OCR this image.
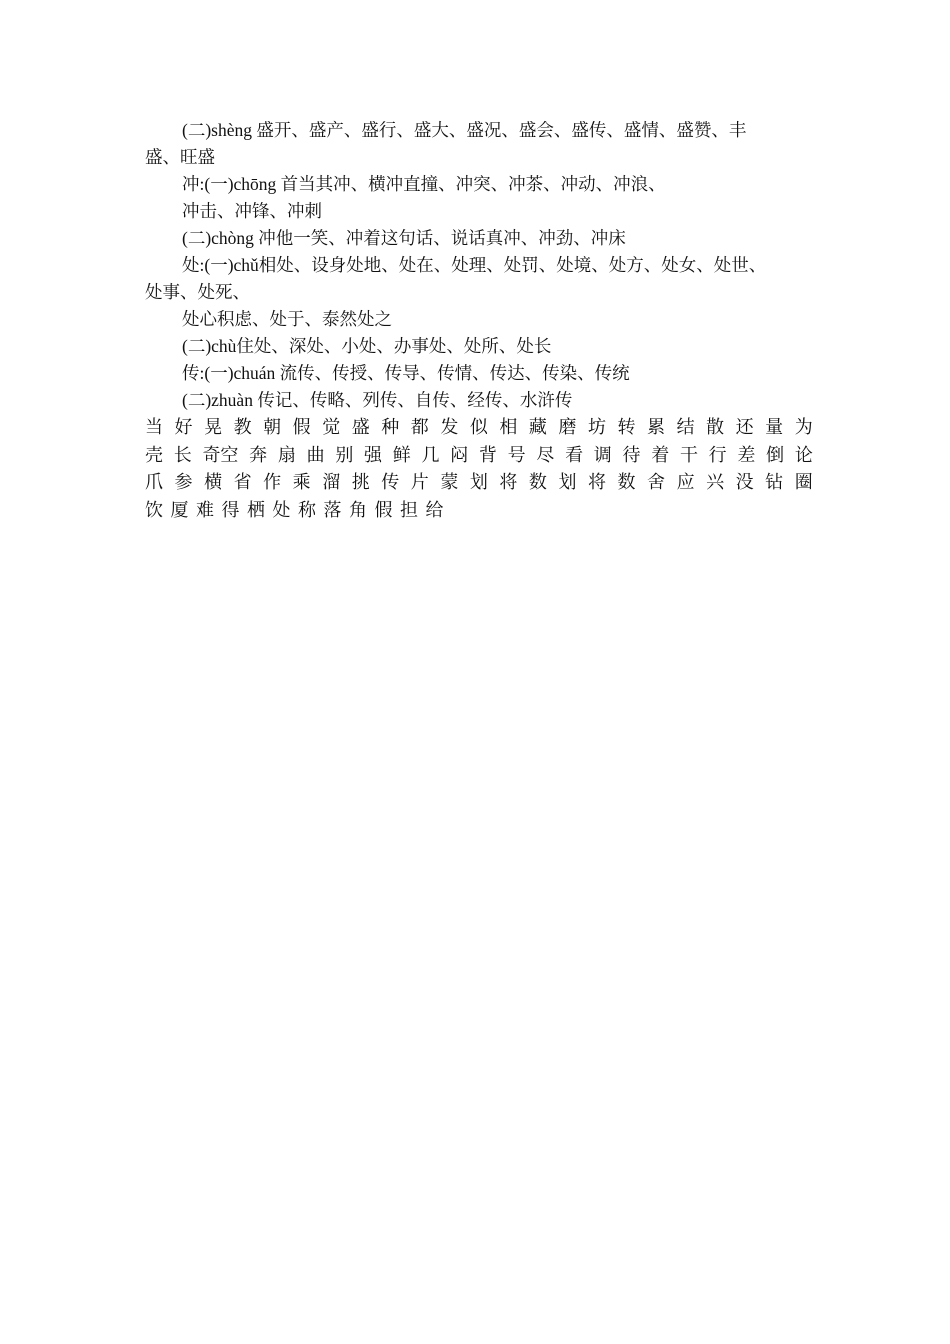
(二)shèng 盛开、盛产、盛行、盛大、盛况、盛会、盛传、盛情、盛赞、丰
盛、旺盛
冲:(一)chōng 首当其冲、横冲直撞、冲突、冲茶、冲动、冲浪、
冲击、冲锋、冲刺
(二)chòng 冲他一笑、冲着这句话、说话真冲、冲劲、冲床
处:(一)chǔ相处、设身处地、处在、处理、处罚、处境、处方、处女、处世、
处事、处死、
处心积虑、处于、泰然处之
(二)chù住处、深处、小处、办事处、处所、处长
传:(一)chuán 流传、传授、传导、传情、传达、传染、传统
(二)zhuàn 传记、传略、列传、自传、经传、水浒传
当 好 晃 教 朝 假 觉 盛 种 都 发 似 相 藏 磨 坊 转 累 结 散 还 量 为
壳 长 奇空 奔 扇 曲 别 强 鲜 几 闷 背 号 尽 看 调 待 着 干 行 差 倒 论
爪 参 横 省 作 乘 溜 挑 传 片 蒙 划 将 数 划 将 数 舍 应 兴 没 钻 圈
饮 厦 难 得 栖 处 称 落 角 假 担 给
